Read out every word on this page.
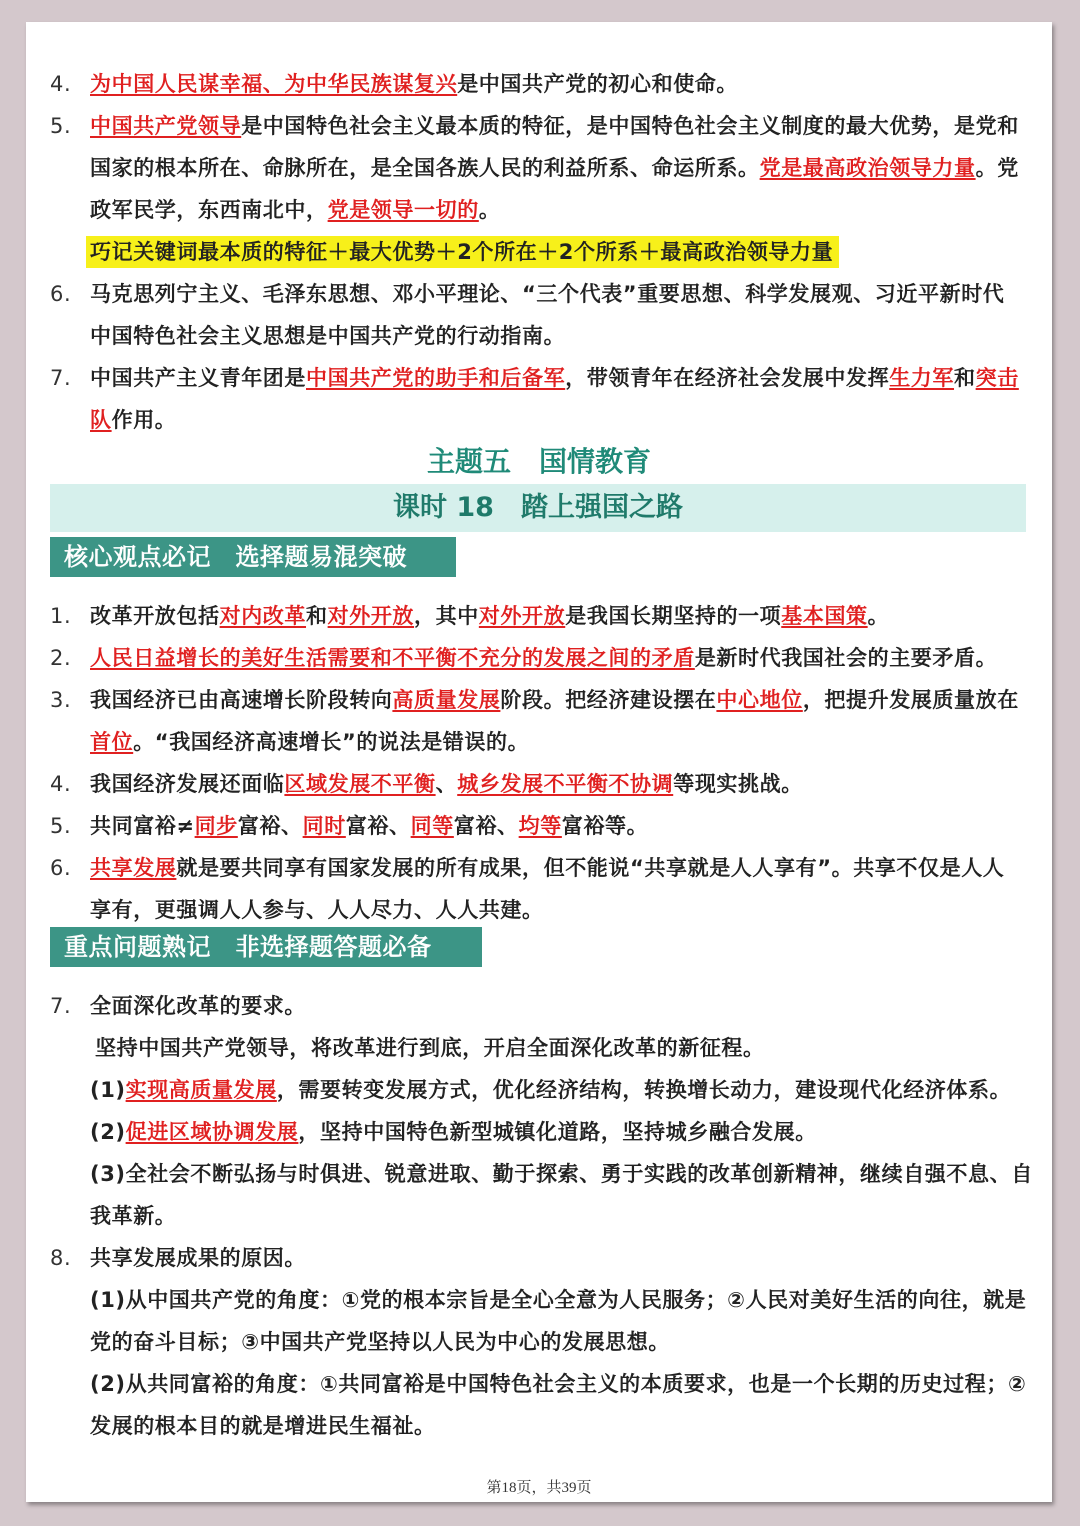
4. 为中国人民谋幸福、为中华民族谋复兴是中国共产党的初心和使命。
5. 中国共产党领导是中国特色社会主义最本质的特征，是中国特色社会主义制度的最大优势，是党和
国家的根本所在、命脉所在，是全国各族人民的利益所系、命运所系。党是最高政治领导力量。党
政军民学，东西南北中，党是领导一切的。
巧记关键词最本质的特征＋最大优势＋2个所在＋2个所系＋最高政治领导力量
6. 马克思列宁主义、毛泽东思想、邓小平理论、“三个代表”重要思想、科学发展观、习近平新时代
中国特色社会主义思想是中国共产党的行动指南。
7. 中国共产主义青年团是中国共产党的助手和后备军，带领青年在经济社会发展中发挥生力军和突击
队作用。
主题五　国情教育
课时 18　踏上强国之路
核心观点必记　选择题易混突破
1. 改革开放包括对内改革和对外开放，其中对外开放是我国长期坚持的一项基本国策。
2. 人民日益增长的美好生活需要和不平衡不充分的发展之间的矛盾是新时代我国社会的主要矛盾。
3. 我国经济已由高速增长阶段转向高质量发展阶段。把经济建设摆在中心地位，把提升发展质量放在
首位。“我国经济高速增长”的说法是错误的。
4. 我国经济发展还面临区域发展不平衡、城乡发展不平衡不协调等现实挑战。
5. 共同富裕≠同步富裕、同时富裕、同等富裕、均等富裕等。
6. 共享发展就是要共同享有国家发展的所有成果，但不能说“共享就是人人享有”。共享不仅是人人
享有，更强调人人参与、人人尽力、人人共建。
重点问题熟记　非选择题答题必备
7. 全面深化改革的要求。
坚持中国共产党领导，将改革进行到底，开启全面深化改革的新征程。
(1)实现高质量发展，需要转变发展方式，优化经济结构，转换增长动力，建设现代化经济体系。
(2)促进区域协调发展，坚持中国特色新型城镇化道路，坚持城乡融合发展。
(3)全社会不断弘扬与时俱进、锐意进取、勤于探索、勇于实践的改革创新精神，继续自强不息、自
我革新。
8. 共享发展成果的原因。
(1)从中国共产党的角度：①党的根本宗旨是全心全意为人民服务；②人民对美好生活的向往，就是
党的奋斗目标；③中国共产党坚持以人民为中心的发展思想。
(2)从共同富裕的角度：①共同富裕是中国特色社会主义的本质要求，也是一个长期的历史过程；②
发展的根本目的就是增进民生福祉。
第18页，共39页
